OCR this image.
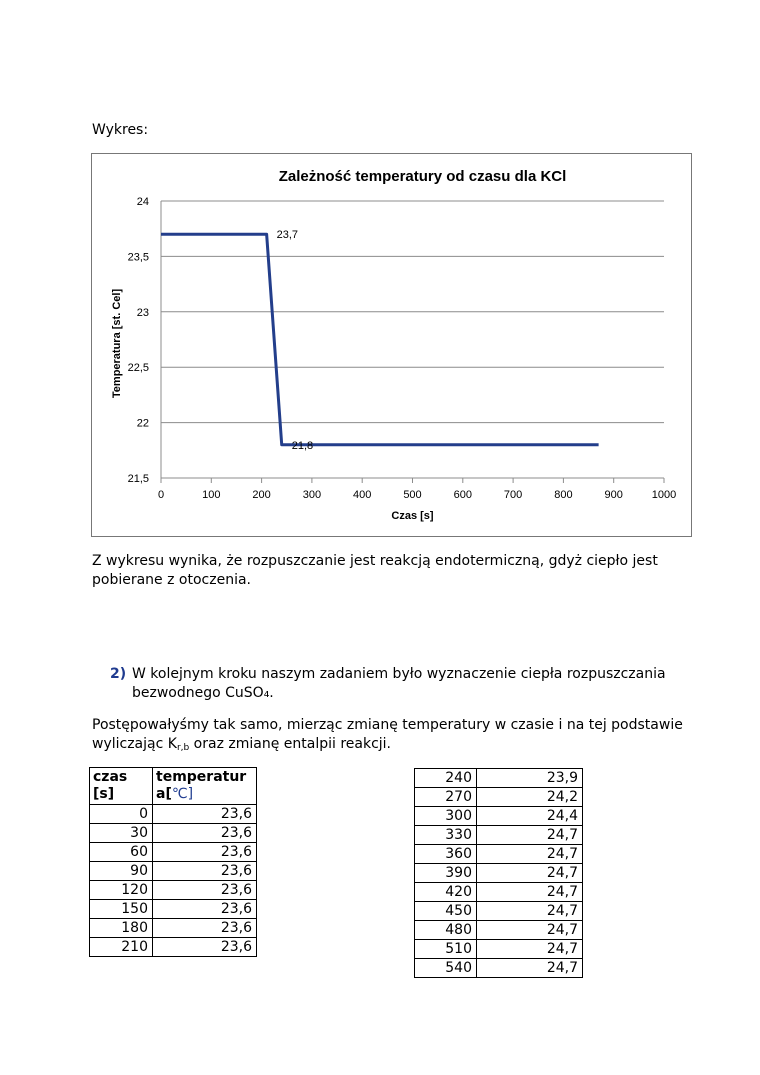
Wykres:
Zależność temperatury od czasu dla KCl
21,5
22
22,5
23
23,5
24
0	100	200	300	400	500	600	700	800	900	1000
Czas [s]
Temperatura [st. Cel]
23,7
21,8
Z wykresu wynika, że rozpuszczanie jest reakcją endotermiczną, gdyż ciepło jest pobierane z otoczenia.
2) W kolejnym kroku naszym zadaniem było wyznaczenie ciepła rozpuszczania bezwodnego CuSO₄.
Postępowałyśmy tak samo, mierząc zmianę temperatury w czasie i na tej podstawie wyliczając $K_{r,b}$ oraz zmianę entalpii reakcji.
czas [s]	temperatur a[℃]
0	23,6
30	23,6
60	23,6
90	23,6
120	23,6
150	23,6
180	23,6
210	23,6
240	23,9
270	24,2
300	24,4
330	24,7
360	24,7
390	24,7
420	24,7
450	24,7
480	24,7
510	24,7
540	24,7
